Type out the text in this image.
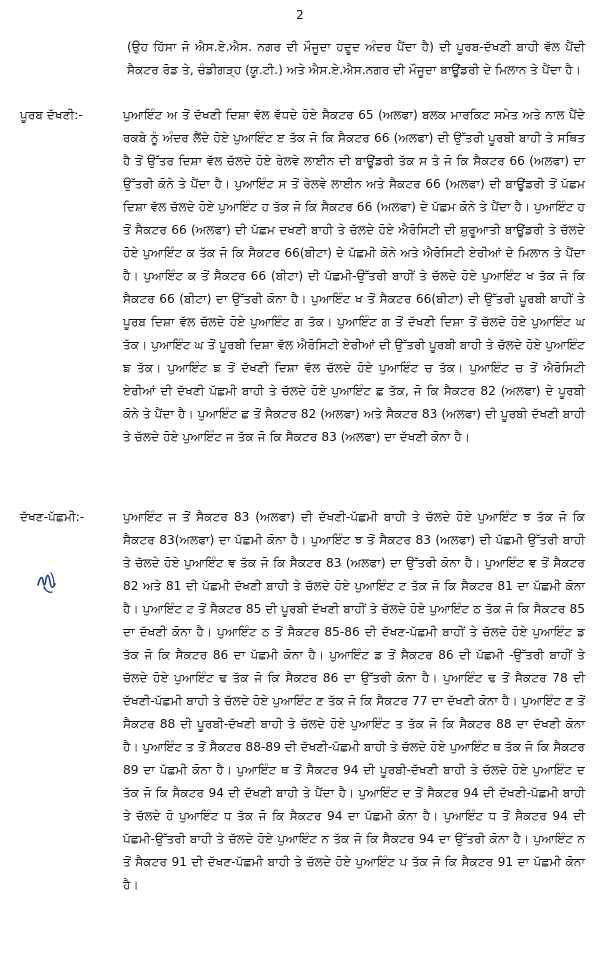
2
(ਉਹ ਹਿੱਸਾ ਜੋ ਐਸ.ਏ.ਐਸ. ਨਗਰ ਦੀ ਮੌਜੂਦਾ ਹਦੂਦ ਅੰਦਰ ਪੈਂਦਾ ਹੈ) ਦੀ ਪੂਰਬ-ਦੱਖਣੀ ਬਾਹੀ ਵੱਲ ਪੈਂਦੀ ਸੈਕਟਰ ਰੋਡ ਤੇ, ਚੰਡੀਗੜ੍ਹ (ਯੂ.ਟੀ.) ਅਤੇ ਐਸ.ਏ.ਐਸ.ਨਗਰ ਦੀ ਮੌਜੂਦਾ ਬਾਊਂਡਰੀ ਦੇ ਮਿਲਾਨ ਤੇ ਪੈਂਦਾ ਹੈ।
ਪੂਰਬ ਦੱਖਣੀ:-	ਪੁਆਇੰਟ ਅ ਤੋਂ ਦੱਖਣੀ ਦਿਸ਼ਾ ਵੱਲ ਵੱਧਦੇ ਹੋਏ ਸੈਕਟਰ 65 (ਅਲਫਾ) ਬਲਕ ਮਾਰਕਿਟ ਸਮੇਤ ਅਤੇ ਨਾਲ ਪੈਂਦੇ ਰਕਬੇ ਨੂੰ ਅੰਦਰ ਲੈਂਦੇ ਹੋਏ ਪੁਆਇੰਟ ੲ ਤੱਕ ਜੋ ਕਿ ਸੈਕਟਰ 66 (ਅਲਫਾ) ਦੀ ਉੱਤਰੀ ਪੂਰਬੀ ਬਾਹੀ ਤੇ ਸਥਿਤ ਹੈ ਤੋਂ ਉੱਤਰ ਦਿਸ਼ਾ ਵੱਲ ਚੱਲਦੇ ਹੋਏ ਰੇਲਵੇ ਲਾਈਨ ਦੀ ਬਾਊਂਡਰੀ ਤੱਕ ਸ ਤੇ ਜੋ ਕਿ ਸੈਕਟਰ 66 (ਅਲਫਾ) ਦਾ ਉੱਤਰੀ ਕੋਨੇ ਤੇ ਪੈਂਦਾ ਹੈ। ਪੁਆਇੰਟ ਸ ਤੋਂ ਰੇਲਵੇ ਲਾਈਨ ਅਤੇ ਸੈਕਟਰ 66 (ਅਲਫਾ) ਦੀ ਬਾਊਂਡਰੀ ਤੋਂ ਪੱਛਮ ਦਿਸ਼ਾ ਵੱਲ ਚੱਲਦੇ ਹੋਏ ਪੁਆਇੰਟ ਹ ਤੱਕ ਜੋ ਕਿ ਸੈਕਟਰ 66 (ਅਲਫਾ) ਦੇ ਪੱਛਮ ਕੋਨੇ ਤੇ ਪੈਂਦਾ ਹੈ। ਪੁਆਇੰਟ ਹ ਤੋਂ ਸੈਕਟਰ 66 (ਅਲਫਾ) ਦੀ ਪੱਛਮ ਦਖਣੀ ਬਾਹੀ ਤੇ ਚੱਲਦੇ ਹੋਏ ਐਰੋਸਿਟੀ ਦੀ ਸ਼ੁਰੂਆਤੀ ਬਾਊਂਡਰੀ ਤੇ ਚੱਲਦੇ ਹੋਏ ਪੁਆਇੰਟ ਕ ਤੱਕ ਜੋ ਕਿ ਸੈਕਟਰ 66(ਬੀਟਾ) ਦੇ ਪੱਛਮੀ ਕੋਨੇ ਅਤੇ ਐਰੋਸਿਟੀ ਏਰੀਆਂ ਦੇ ਮਿਲਾਨ ਤੇ ਪੈਂਦਾ ਹੈ। ਪੁਆਇੰਟ ਕ ਤੋਂ ਸੈਕਟਰ 66 (ਬੀਟਾ) ਦੀ ਪੱਛਮੀ-ਉੱਤਰੀ ਬਾਹੀਂ ਤੇ ਚੱਲਦੇ ਹੋਏ ਪੁਆਇੰਟ ਖ ਤੱਕ ਜੋ ਕਿ ਸੈਕਟਰ 66 (ਬੀਟਾ) ਦਾ ਉੱਤਰੀ ਕੋਨਾ ਹੈ। ਪੁਆਇੰਟ ਖ ਤੋਂ ਸੈਕਟਰ 66(ਬੀਟਾ) ਦੀ ਉੱਤਰੀ ਪੂਰਬੀ ਬਾਹੀਂ ਤੇ ਪੂਰਬ ਦਿਸ਼ਾ ਵੱਲ ਚੱਲਦੇ ਹੋਏ ਪੁਆਇੰਟ ਗ ਤੱਕ। ਪੁਆਇੰਟ ਗ ਤੋਂ ਦੱਖਣੀ ਦਿਸ਼ਾ ਤੋਂ ਚੱਲਦੇ ਹੋਏ ਪੁਆਇੰਟ ਘ ਤੱਕ। ਪੁਆਇੰਟ ਘ ਤੋਂ ਪੂਰਬੀ ਦਿਸ਼ਾ ਵੱਲ ਐਰੋਸਿਟੀ ਏਰੀਆਂ ਦੀ ਉੱਤਰੀ ਪੂਰਬੀ ਬਾਹੀ ਤੇ ਚੱਲਦੇ ਹੋਏ ਪੁਆਇੰਟ ਙ ਤੱਕ। ਪੁਆਇੰਟ ਙ ਤੋਂ ਦੱਖਣੀ ਦਿਸ਼ਾ ਵੱਲ ਚੱਲਦੇ ਹੋਏ ਪੁਆਇੰਟ ਚ ਤੱਕ। ਪੁਆਇੰਟ ਚ ਤੋਂ ਐਰੋਸਿਟੀ ਏਰੀਆਂ ਦੀ ਦੱਖਣੀ ਪੱਛਮੀ ਬਾਹੀ ਤੇ ਚੱਲਦੇ ਹੋਏ ਪੁਆਇੰਟ ਛ ਤੱਕ, ਜੋ ਕਿ ਸੈਕਟਰ 82 (ਅਲਫਾ) ਦੇ ਪੂਰਬੀ ਕੋਨੇ ਤੇ ਪੈਂਦਾ ਹੈ। ਪੁਆਇੰਟ ਛ ਤੋਂ ਸੈਕਟਰ 82 (ਅਲਫਾ) ਅਤੇ ਸੈਕਟਰ 83 (ਅਲਫਾ) ਦੀ ਪੂਰਬੀ ਦੱਖਣੀ ਬਾਹੀ ਤੇ ਚੱਲਦੇ ਹੋਏ ਪੁਆਇੰਟ ਜ ਤੱਕ ਜੋ ਕਿ ਸੈਕਟਰ 83 (ਅਲਫਾ) ਦਾ ਦੱਖਣੀ ਕੋਨਾ ਹੈ।
ਦੱਖਣ-ਪੱਛਮੀ:-	ਪੁਆਇੰਟ ਜ ਤੋਂ ਸੈਕਟਰ 83 (ਅਲਫਾ) ਦੀ ਦੱਖਣੀ-ਪੱਛਮੀ ਬਾਹੀ ਤੇ ਚੱਲਦੇ ਹੋਏ ਪੁਆਇੰਟ ਝ ਤੱਕ ਜੋ ਕਿ ਸੈਕਟਰ 83(ਅਲਫਾ) ਦਾ ਪੱਛਮੀ ਕੋਨਾ ਹੈ। ਪੁਆਇੰਟ ਝ ਤੋਂ ਸੈਕਟਰ 83 (ਅਲਫਾ) ਦੀ ਪੱਛਮੀ ਉੱਤਰੀ ਬਾਹੀ ਤੇ ਚੱਲਦੇ ਹੋਏ ਪੁਆਇੰਟ ਞ ਤੱਕ ਜੋ ਕਿ ਸੈਕਟਰ 83 (ਅਲਫਾ) ਦਾ ਉੱਤਰੀ ਕੋਨਾ ਹੈ। ਪੁਆਇੰਟ ਞ ਤੋਂ ਸੈਕਟਰ 82 ਅਤੇ 81 ਦੀ ਪੱਛਮੀ ਦੱਖਣੀ ਬਾਹੀ ਤੇ ਚੱਲਦੇ ਹੋਏ ਪੁਆਇੰਟ ਟ ਤੱਕ ਜੋ ਕਿ ਸੈਕਟਰ 81 ਦਾ ਪੱਛਮੀ ਕੋਨਾ ਹੈ। ਪੁਆਇੰਟ ਟ ਤੋਂ ਸੈਕਟਰ 85 ਦੀ ਪੂਰਬੀ ਦੱਖਣੀ ਬਾਹੀਂ ਤੇ ਚੱਲਦੇ ਹੋਏ ਪੁਆਇੰਟ ਠ ਤੱਕ ਜੋ ਕਿ ਸੈਕਟਰ 85 ਦਾ ਦੱਖਣੀ ਕੋਨਾ ਹੈ। ਪੁਆਇੰਟ ਠ ਤੋਂ ਸੈਕਟਰ 85-86 ਦੀ ਦੱਖਣ-ਪੱਛਮੀ ਬਾਹੀਂ ਤੇ ਚੱਲਦੇ ਹੋਏ ਪੁਆਇੰਟ ਡ ਤੱਕ ਜੋ ਕਿ ਸੈਕਟਰ 86 ਦਾ ਪੱਛਮੀ ਕੋਨਾ ਹੈ। ਪੁਆਇੰਟ ਡ ਤੋਂ ਸੈਕਟਰ 86 ਦੀ ਪੱਛਮੀ -ਉੱਤਰੀ ਬਾਹੀਂ ਤੇ ਚੱਲਦੇ ਹੋਏ ਪੁਆਇੰਟ ਢ ਤੱਕ ਜੋ ਕਿ ਸੈਕਟਰ 86 ਦਾ ਉੱਤਰੀ ਕੋਨਾ ਹੈ। ਪੁਆਇੰਟ ਢ ਤੋਂ ਸੈਕਟਰ 78 ਦੀ ਦੱਖਣੀ-ਪੱਛਮੀ ਬਾਹੀ ਤੇ ਚੱਲਦੇ ਹੋਏ ਪੁਆਇੰਟ ਣ ਤੱਕ ਜੋ ਕਿ ਸੈਕਟਰ 77 ਦਾ ਦੱਖਣੀ ਕੋਨਾ ਹੈ। ਪੁਆਇੰਟ ਣ ਤੋਂ ਸੈਕਟਰ 88 ਦੀ ਪੂਰਬੀ-ਦੱਖਣੀ ਬਾਹੀ ਤੇ ਚੱਲਦੇ ਹੋਏ ਪੁਆਇੰਟ ਤ ਤੱਕ ਜੋ ਕਿ ਸੈਕਟਰ 88 ਦਾ ਦੱਖਣੀ ਕੋਨਾ ਹੈ। ਪੁਆਇੰਟ ਤ ਤੋਂ ਸੈਕਟਰ 88-89 ਦੀ ਦੱਖਣੀ-ਪੱਛਮੀ ਬਾਹੀ ਤੇ ਚੱਲਦੇ ਹੋਏ ਪੁਆਇੰਟ ਥ ਤੱਕ ਜੋ ਕਿ ਸੈਕਟਰ 89 ਦਾ ਪੱਛਮੀ ਕੋਨਾ ਹੈ। ਪੁਆਇੰਟ ਥ ਤੋਂ ਸੈਕਟਰ 94 ਦੀ ਪੂਰਬੀ-ਦੱਖਣੀ ਬਾਹੀ ਤੇ ਚੱਲਦੇ ਹੋਏ ਪੁਆਇੰਟ ਦ ਤੱਕ ਜੋ ਕਿ ਸੈਕਟਰ 94 ਦੀ ਦੱਖਣੀ ਬਾਹੀ ਤੇ ਪੈਂਦਾ ਹੈ। ਪੁਆਇੰਟ ਦ ਤੋਂ ਸੈਕਟਰ 94 ਦੀ ਦੱਖਣੀ-ਪੱਛਮੀ ਬਾਹੀ ਤੇ ਚੱਲਦੇ ਹੋ ਪੁਆਇੰਟ ਧ ਤੱਕ ਜੋ ਕਿ ਸੈਕਟਰ 94 ਦਾ ਪੱਛਮੀ ਕੋਨਾ ਹੈ। ਪੁਆਇੰਟ ਧ ਤੋਂ ਸੈਕਟਰ 94 ਦੀ ਪੱਛਮੀ-ਉੱਤਰੀ ਬਾਹੀ ਤੇ ਚੱਲਦੇ ਹੋਏ ਪੁਆਇੰਟ ਨ ਤੱਕ ਜੋ ਕਿ ਸੈਕਟਰ 94 ਦਾ ਉੱਤਰੀ ਕੋਨਾ ਹੈ। ਪੁਆਇੰਟ ਨ ਤੋਂ ਸੈਕਟਰ 91 ਦੀ ਦੱਖਣ-ਪੱਛਮੀ ਬਾਹੀ ਤੇ ਚੱਲਦੇ ਹੋਏ ਪੁਆਇੰਟ ਪ ਤੱਕ ਜੋ ਕਿ ਸੈਕਟਰ 91 ਦਾ ਪੱਛਮੀ ਕੋਨਾ ਹੈ।
